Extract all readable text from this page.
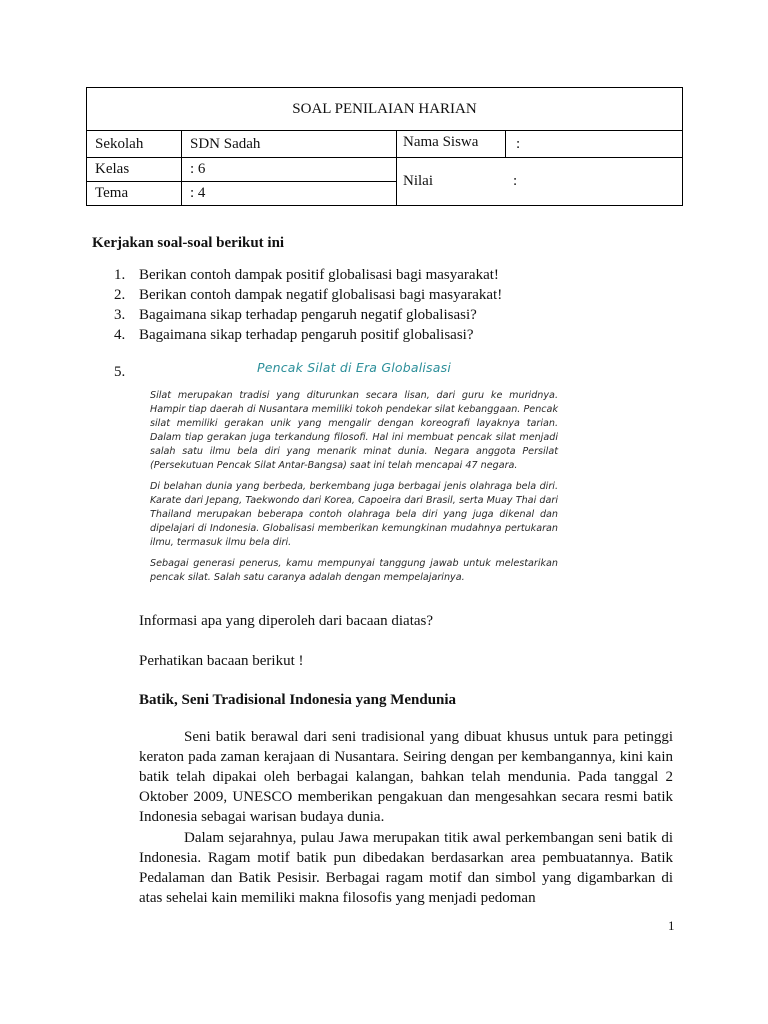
SOAL PENILAIAN HARIAN		
Sekolah	SDN Sadah	Nama Siswa :

Kelas	: 6	Nilai :

Tema	: 4	
Kerjakan soal-soal berikut ini
1. Berikan contoh dampak positif globalisasi bagi masyarakat!
2. Berikan contoh dampak negatif globalisasi bagi masyarakat!
3. Bagaimana sikap terhadap pengaruh negatif globalisasi?
4. Bagaimana sikap terhadap pengaruh positif globalisasi?
5.	Pencak Silat di Era Globalisasi

Silat merupakan tradisi yang diturunkan secara lisan, dari guru ke muridnya. Hampir tiap daerah di Nusantara memiliki tokoh pendekar silat kebanggaan. Pencak silat memiliki gerakan unik yang mengalir dengan koreografi layaknya tarian. Dalam tiap gerakan juga terkandung filosofi. Hal ini membuat pencak silat menjadi salah satu ilmu bela diri yang menarik minat dunia. Negara anggota Persilat (Persekutuan Pencak Silat Antar-Bangsa) saat ini telah mencapai 47 negara.

Di belahan dunia yang berbeda, berkembang juga berbagai jenis olahraga bela diri. Karate dari Jepang, Taekwondo dari Korea, Capoeira dari Brasil, serta Muay Thai dari Thailand merupakan beberapa contoh olahraga bela diri yang juga dikenal dan dipelajari di Indonesia. Globalisasi memberikan kemungkinan mudahnya pertukaran ilmu, termasuk ilmu bela diri.

Sebagai generasi penerus, kamu mempunyai tanggung jawab untuk melestarikan pencak silat. Salah satu caranya adalah dengan mempelajarinya.

Informasi apa yang diperoleh dari bacaan diatas?
Perhatikan bacaan berikut !
Batik, Seni Tradisional Indonesia yang Mendunia

Seni batik berawal dari seni tradisional yang dibuat khusus untuk para petinggi keraton pada zaman kerajaan di Nusantara. Seiring dengan per kembangannya, kini kain batik telah dipakai oleh berbagai kalangan, bahkan telah mendunia. Pada tanggal 2 Oktober 2009, UNESCO memberikan pengakuan dan mengesahkan secara resmi batik Indonesia sebagai warisan budaya dunia.

Dalam sejarahnya, pulau Jawa merupakan titik awal perkembangan seni batik di Indonesia. Ragam motif batik pun dibedakan berdasarkan area pembuatannya. Batik Pedalaman dan Batik Pesisir. Berbagai ragam motif dan simbol yang digambarkan di atas sehelai kain memiliki makna filosofis yang menjadi pedoman

1
